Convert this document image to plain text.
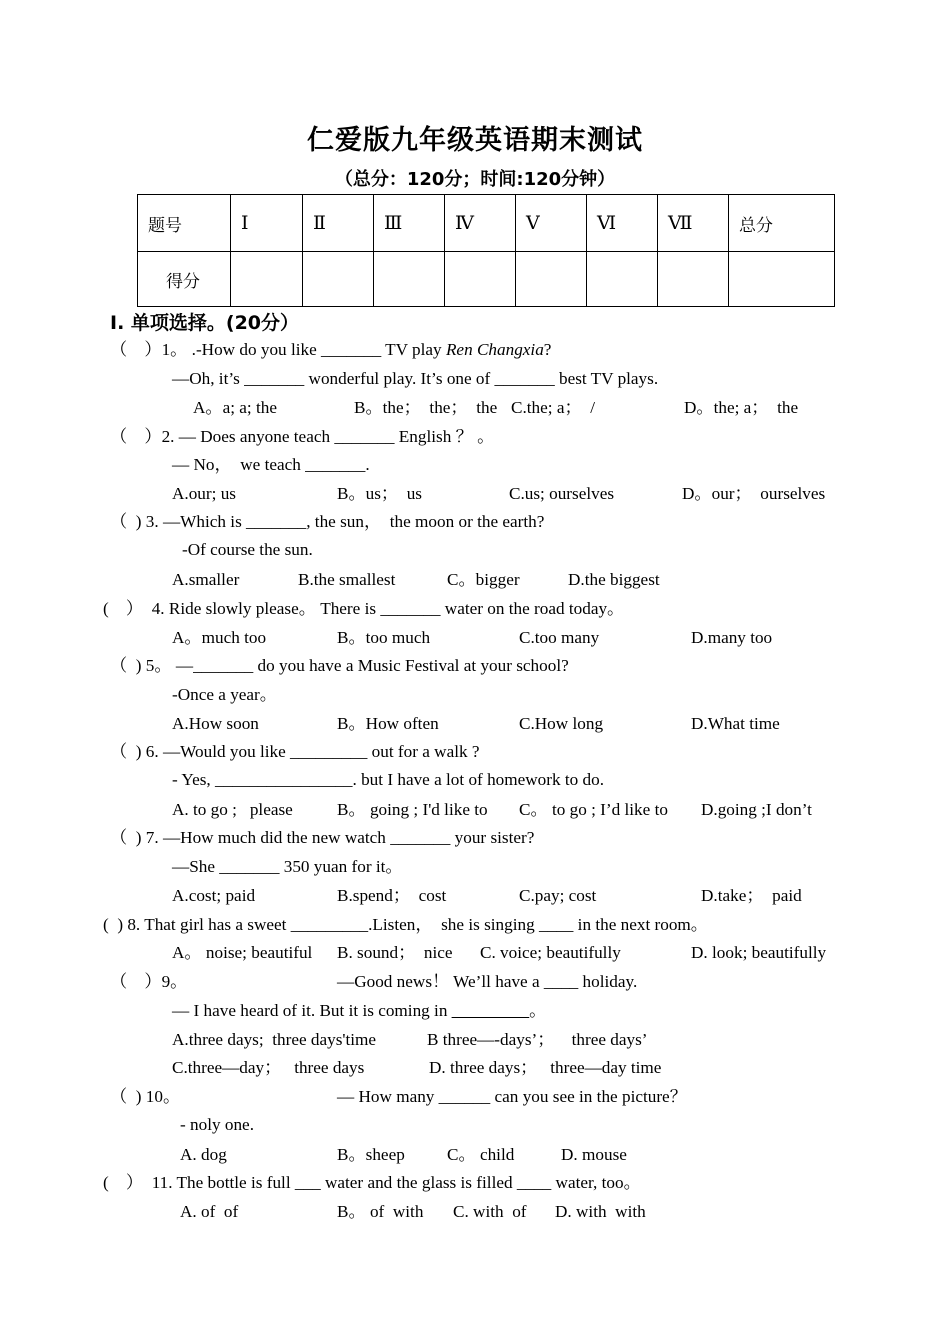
仁爱版九年级英语期末测试
（总分：120分；时间:120分钟）
题号	Ⅰ	Ⅱ	Ⅲ	Ⅳ	Ⅴ	Ⅵ	Ⅶ	总分
得分								
Ⅰ. 单项选择。(20分）
（　）1。 .-How do you like _______ TV play Ren Changxia?
—Oh, it’s _______ wonderful play. It’s one of _______ best TV plays.
A。a; a; the	B。the；  the；  the C.the; a；  /	D。the; a；  the
（　）2. — Does anyone teach _______ English ？ 。
— No，  we teach _______.
A.our; us	B。us；  us	C.us; ourselves	D。our；  ourselves
（  ) 3. —Which is _______, the sun，  the moon or the earth?
-Of course the sun.
A.smaller	B.the smallest	C。bigger	D.the biggest
(　）  4. Ride slowly please。 There is _______ water on the road today。
A。much too	B。too much	C.too many	D.many too
（  ) 5。 —_______ do you have a Music Festival at your school?
-Once a year。
A.How soon	B。How often	C.How long	D.What time
（  ) 6. —Would you like _________ out for a walk ?
- Yes, ________________. but I have a lot of homework to do.
A. to go ;   please	B。 going ; I'd like to C。 to go ; I’d like to D.going ;I don’t
（  ) 7. —How much did the new watch _______ your sister?
—She _______ 350 yuan for it。
A.cost; paid	B.spend；  cost	C.pay; cost	D.take；  paid
(  ) 8. That girl has a sweet _________.Listen，  she is singing ____ in the next room。
A。 noise; beautiful B. sound；  nice C. voice; beautifully	D. look; beautifully
（　）9。	—Good news！ We’ll have a ____ holiday.
— I have heard of it. But it is coming in _________。
A.three days;  three days'time	B three—-days’；    three days’
C.three—day；   three days	D. three days；   three—day time
（  ) 10。	— How many ______ can you see in the picture？
- noly one.
A. dog	B。sheep C。 child	D. mouse
(　）  11. The bottle is full ___ water and the glass is filled ____ water, too。
A. of  of	B。 of  with C. with  of D. with  with
